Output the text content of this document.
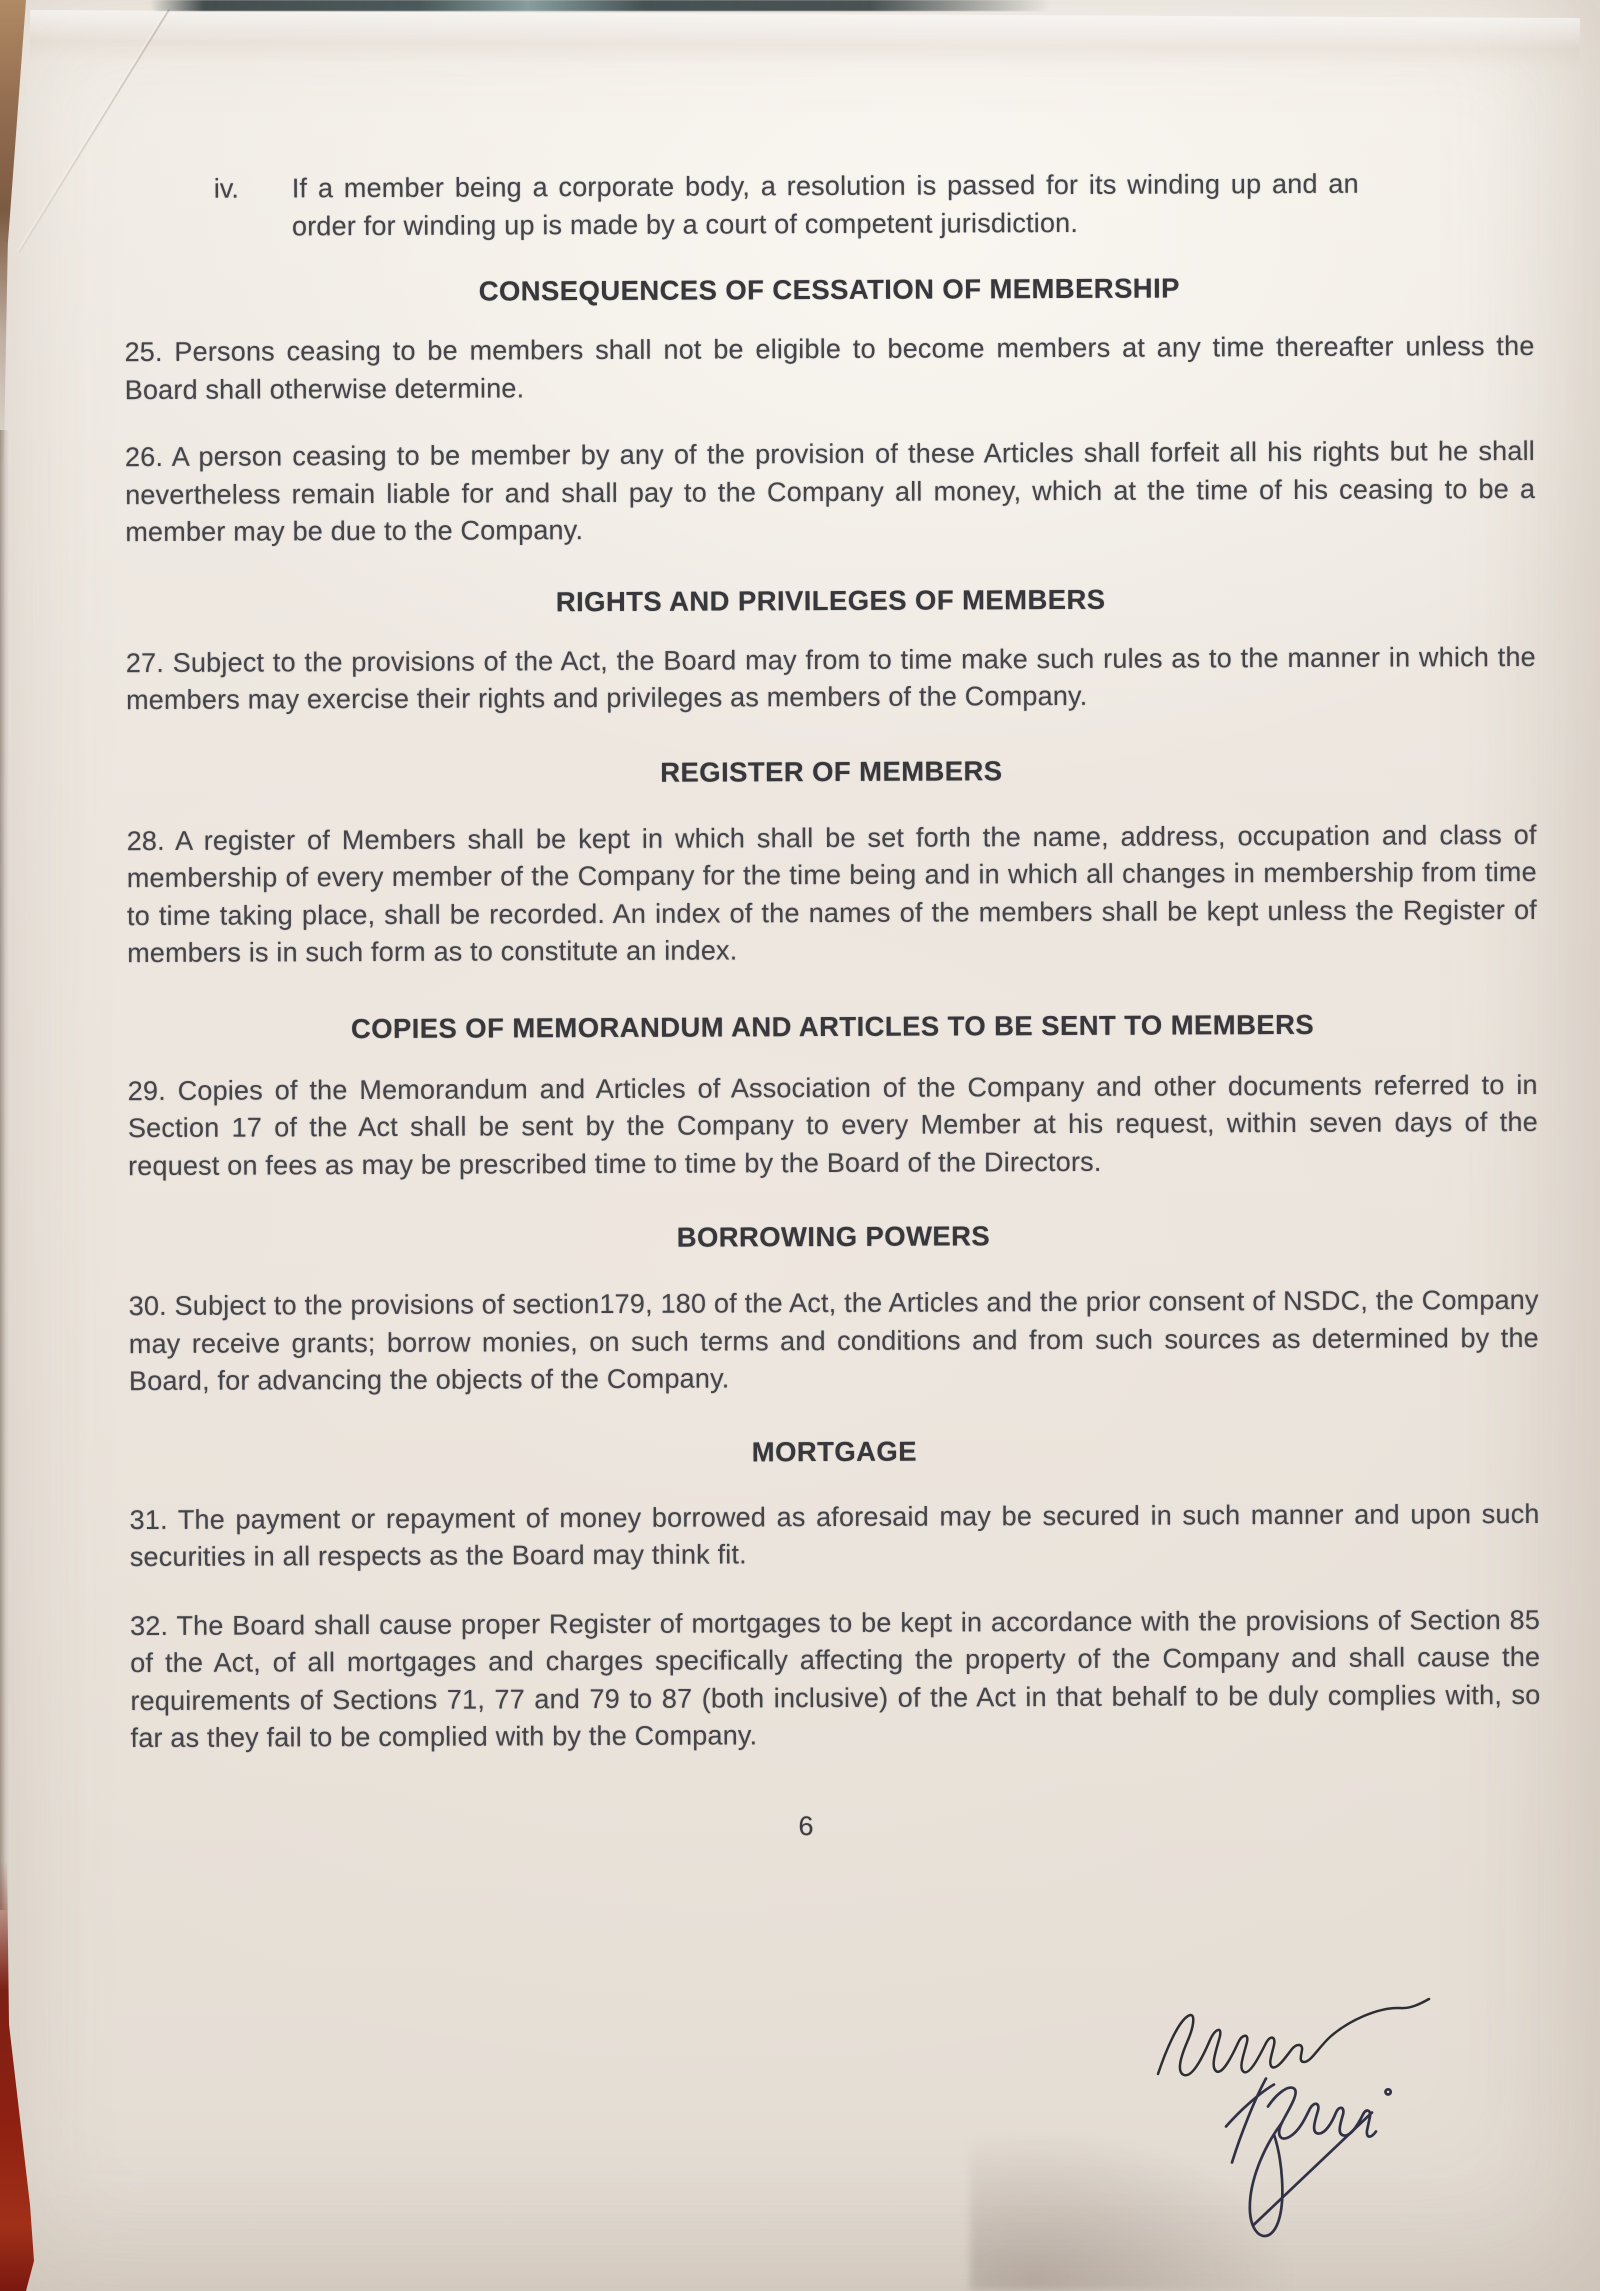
iv.	If a member being a corporate body, a resolution is passed for its winding up and an order for winding up is made by a court of competent jurisdiction.

CONSEQUENCES OF CESSATION OF MEMBERSHIP

25. Persons ceasing to be members shall not be eligible to become members at any time thereafter unless the Board shall otherwise determine.

26. A person ceasing to be member by any of the provision of these Articles shall forfeit all his rights but he shall nevertheless remain liable for and shall pay to the Company all money, which at the time of his ceasing to be a member may be due to the Company.

RIGHTS AND PRIVILEGES OF MEMBERS

27. Subject to the provisions of the Act, the Board may from to time make such rules as to the manner in which the members may exercise their rights and privileges as members of the Company.

REGISTER OF MEMBERS

28. A register of Members shall be kept in which shall be set forth the name, address, occupation and class of membership of every member of the Company for the time being and in which all changes in membership from time to time taking place, shall be recorded. An index of the names of the members shall be kept unless the Register of members is in such form as to constitute an index.

COPIES OF MEMORANDUM AND ARTICLES TO BE SENT TO MEMBERS

29. Copies of the Memorandum and Articles of Association of the Company and other documents referred to in Section 17 of the Act shall be sent by the Company to every Member at his request, within seven days of the request on fees as may be prescribed time to time by the Board of the Directors.

BORROWING POWERS

30. Subject to the provisions of section179, 180 of the Act, the Articles and the prior consent of NSDC, the Company may receive grants; borrow monies, on such terms and conditions and from such sources as determined by the Board, for advancing the objects of the Company.

MORTGAGE

31. The payment or repayment of money borrowed as aforesaid may be secured in such manner and upon such securities in all respects as the Board may think fit.

32. The Board shall cause proper Register of mortgages to be kept in accordance with the provisions of Section 85 of the Act, of all mortgages and charges specifically affecting the property of the Company and shall cause the requirements of Sections 71, 77 and 79 to 87 (both inclusive) of the Act in that behalf to be duly complies with, so far as they fail to be complied with by the Company.

6
